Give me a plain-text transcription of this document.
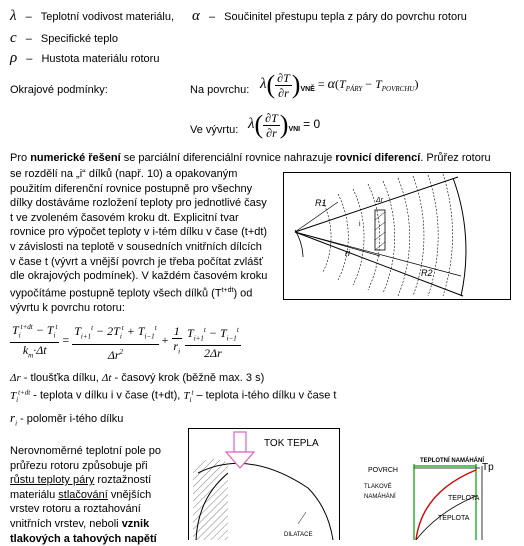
λ – Teplotní vodivost materiálu, α – Součinitel přestupu tepla z páry do povrchu rotoru
c – Specifické teplo
ρ – Hustota materiálu rotoru
Okrajové podmínky:	Na povrchu: $\lambda( \frac{\partial T}{\partial r} )_{VNĚ} = \alpha(T_{PÁRY} - T_{POVRCHU})$
Ve vývrtu: $\lambda( \frac{\partial T}{\partial r} )_{VNI} = 0$
Pro numerické řešení se parciální diferenciální rovnice nahrazuje rovnicí diferencí. Průřez rotoru
se rozdělí na „i“ dílků (např. 10) a opakovaným
použitím diferenční rovnice postupně pro všechny
dílky dostáváme rozložení teploty pro jednotlivé časy
t ve zvoleném časovém kroku dt. Explicitní tvar
rovnice pro výpočet teploty v i-tém dílku v čase (t+dt)
v závislosti na teplotě v sousedních vnitřních dílcích
v čase t (vývrt a vnější povrch je třeba počítat zvlášť
dle okrajových podmínek). V každém časovém kroku
vypočítáme postupně teploty všech dílků $(T^{t+dt})$ od
vývrtu k povrchu rotoru:
R1
ri
R2
Δr
i
$\frac{T_i^{t+dt} - T_i^t}{k_m\cdot\Delta t} = \frac{T_{i+1}^t - 2T_i^t + T_{i-1}^t}{\Delta r^2} + \frac{1}{r_i}$
$\frac{T_{i+1}^t - T_{i-1}^t}{2\Delta r}$
Δr - tloušťka dílku, Δt - časový krok (běžně max. 3 s)
$T_i^{t+dt}$ - teplota v dílku i v čase (t+dt), $T_i^t$ – teplota i-tého dílku v čase t
$r_i$ - poloměr i-tého dílku
Nerovnoměrné teplotní pole po
průřezu rotoru způsobuje při
růstu teploty páry roztažností
materiálu stlačování vnějších
vrstev rotoru a roztahování
vnitřních vrstev, neboli vznik
tlakových a tahových napětí
TOK TEPLA
DILATACE
TEPLOTNÍ NAMÁHÁNÍ
POVRCH	Tp
TLAKOVÉ
NAMÁHÁNÍ	TEPLOTA
TEPLOTA
